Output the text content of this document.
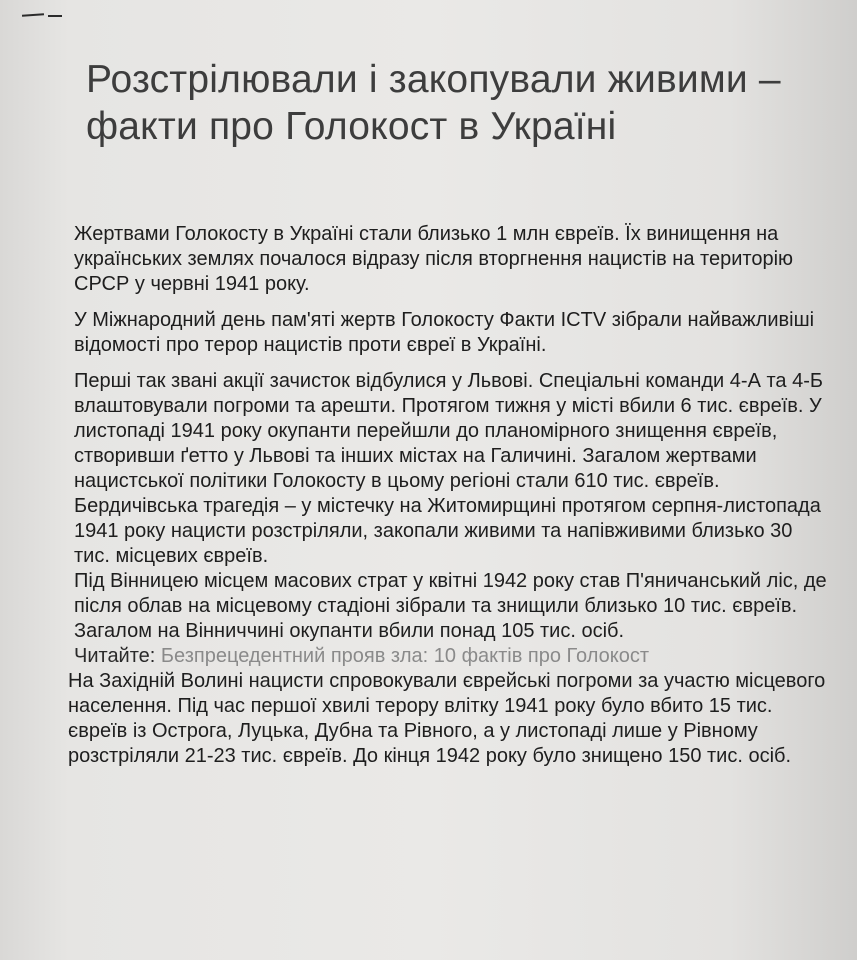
Розстрілювали і закопували живими – факти про Голокост в Україні

Жертвами Голокосту в Україні стали близько 1 млн євреїв. Їх винищення на українських землях почалося відразу після вторгнення нацистів на територію СРСР у червні 1941 року.

У Міжнародний день пам'яті жертв Голокосту Факти ICTV зібрали найважливіші відомості про терор нацистів проти євреї в Україні.

Перші так звані акції зачисток відбулися у Львові. Спеціальні команди 4-А та 4-Б влаштовували погроми та арешти. Протягом тижня у місті вбили 6 тис. євреїв. У листопаді 1941 року окупанти перейшли до планомірного знищення євреїв, створивши ґетто у Львові та інших містах на Галичині. Загалом жертвами нацистської політики Голокосту в цьому регіоні стали 610 тис. євреїв.

Бердичівська трагедія – у містечку на Житомирщині протягом серпня-листопада 1941 року нацисти розстріляли, закопали живими та напівживими близько 30 тис. місцевих євреїв.

Під Вінницею місцем масових страт у квітні 1942 року став П'яничанський ліс, де після облав на місцевому стадіоні зібрали та знищили близько 10 тис. євреїв. Загалом на Вінниччині окупанти вбили понад 105 тис. осіб.

Читайте: Безпрецедентний прояв зла: 10 фактів про Голокост

На Західній Волині нацисти спровокували єврейські погроми за участю місцевого населення. Під час першої хвилі терору влітку 1941 року було вбито 15 тис. євреїв із Острога, Луцька, Дубна та Рівного, а у листопаді лише у Рівному розстріляли 21-23 тис. євреїв. До кінця 1942 року було знищено 150 тис. осіб.
